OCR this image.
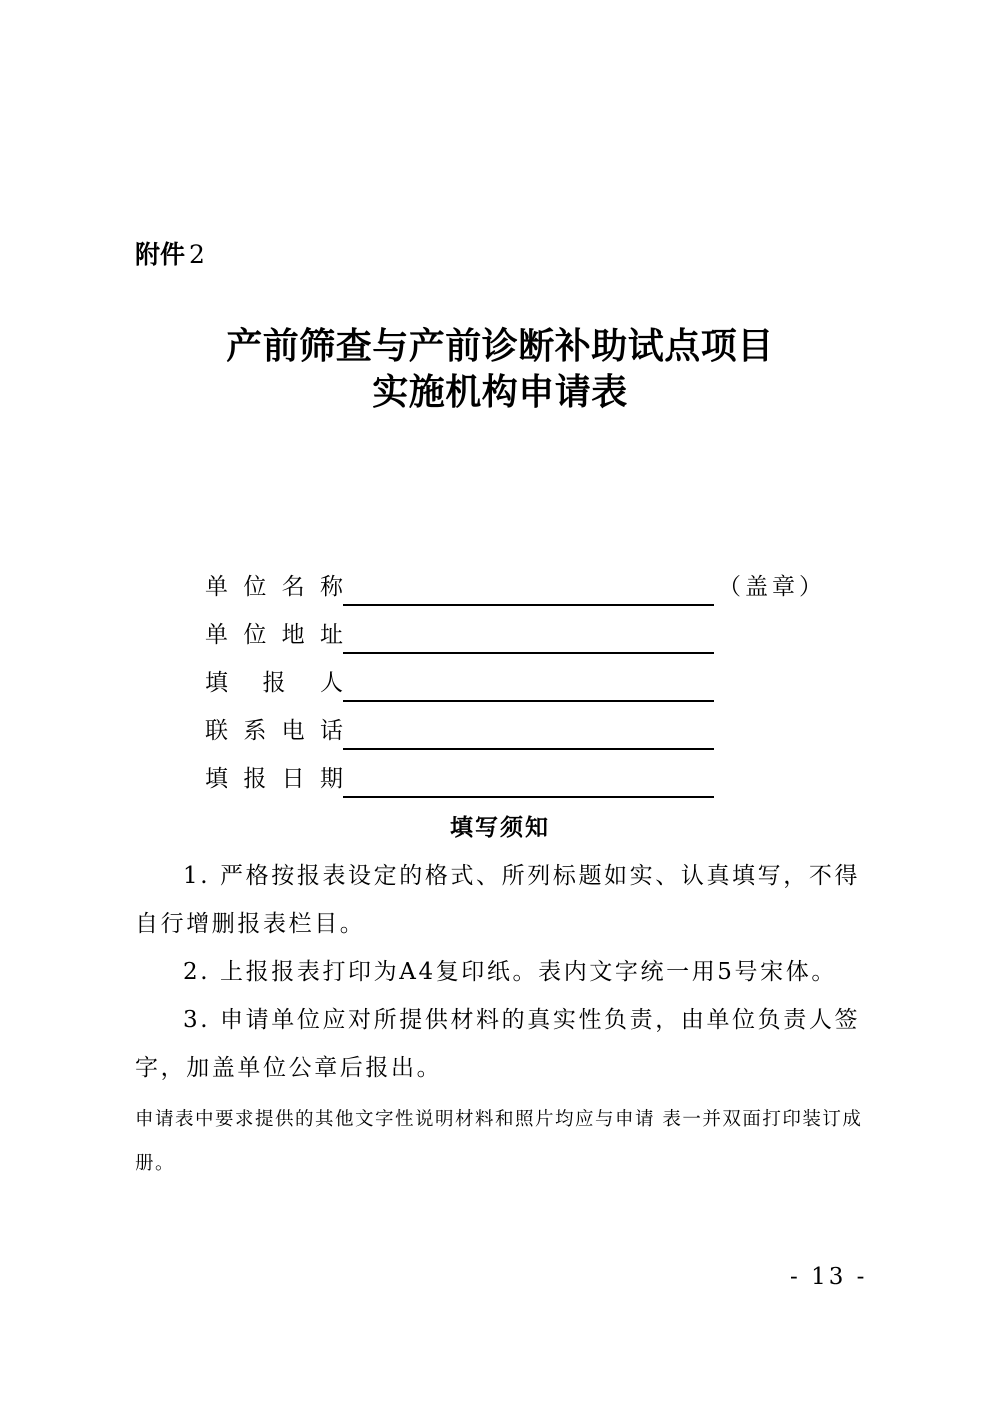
附件 2
产前筛查与产前诊断补助试点项目
实施机构申请表
单 位 名 称	（盖章）
单 位 地 址
填 报 人
联 系 电 话
填 报 日 期
填写须知

1. 严格按报表设定的格式、所列标题如实、认真填写，不得自行增删报表栏目。

2. 上报报表打印为A4复印纸。表内文字统一用5号宋体。

3. 申请单位应对所提供材料的真实性负责，由单位负责人签字，加盖单位公章后报出。

申请表中要求提供的其他文字性说明材料和照片均应与申请 表一并双面打印装订成册。

- 13 -
